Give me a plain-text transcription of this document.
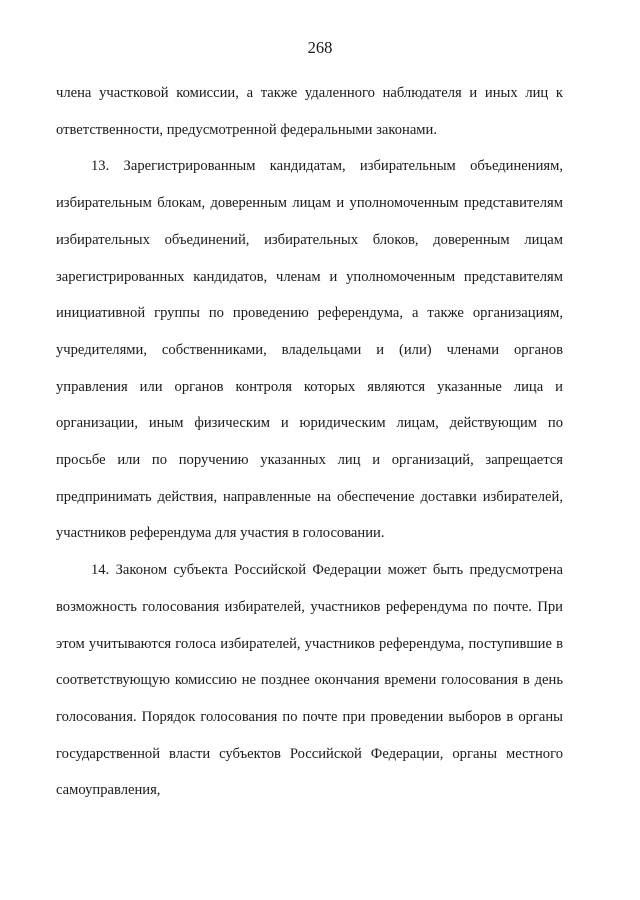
268

члена участковой комиссии, а также удаленного наблюдателя и иных лиц к ответственности, предусмотренной федеральными законами.

13. Зарегистрированным кандидатам, избирательным объединениям, избирательным блокам, доверенным лицам и уполномоченным представителям избирательных объединений, избирательных блоков, доверенным лицам зарегистрированных кандидатов, членам и уполномоченным представителям инициативной группы по проведению референдума, а также организациям, учредителями, собственниками, владельцами и (или) членами органов управления или органов контроля которых являются указанные лица и организации, иным физическим и юридическим лицам, действующим по просьбе или по поручению указанных лиц и организаций, запрещается предпринимать действия, направленные на обеспечение доставки избирателей, участников референдума для участия в голосовании.

14. Законом субъекта Российской Федерации может быть предусмотрена возможность голосования избирателей, участников референдума по почте. При этом учитываются голоса избирателей, участников референдума, поступившие в соответствующую комиссию не позднее окончания времени голосования в день голосования. Порядок голосования по почте при проведении выборов в органы государственной власти субъектов Российской Федерации, органы местного самоуправления,
